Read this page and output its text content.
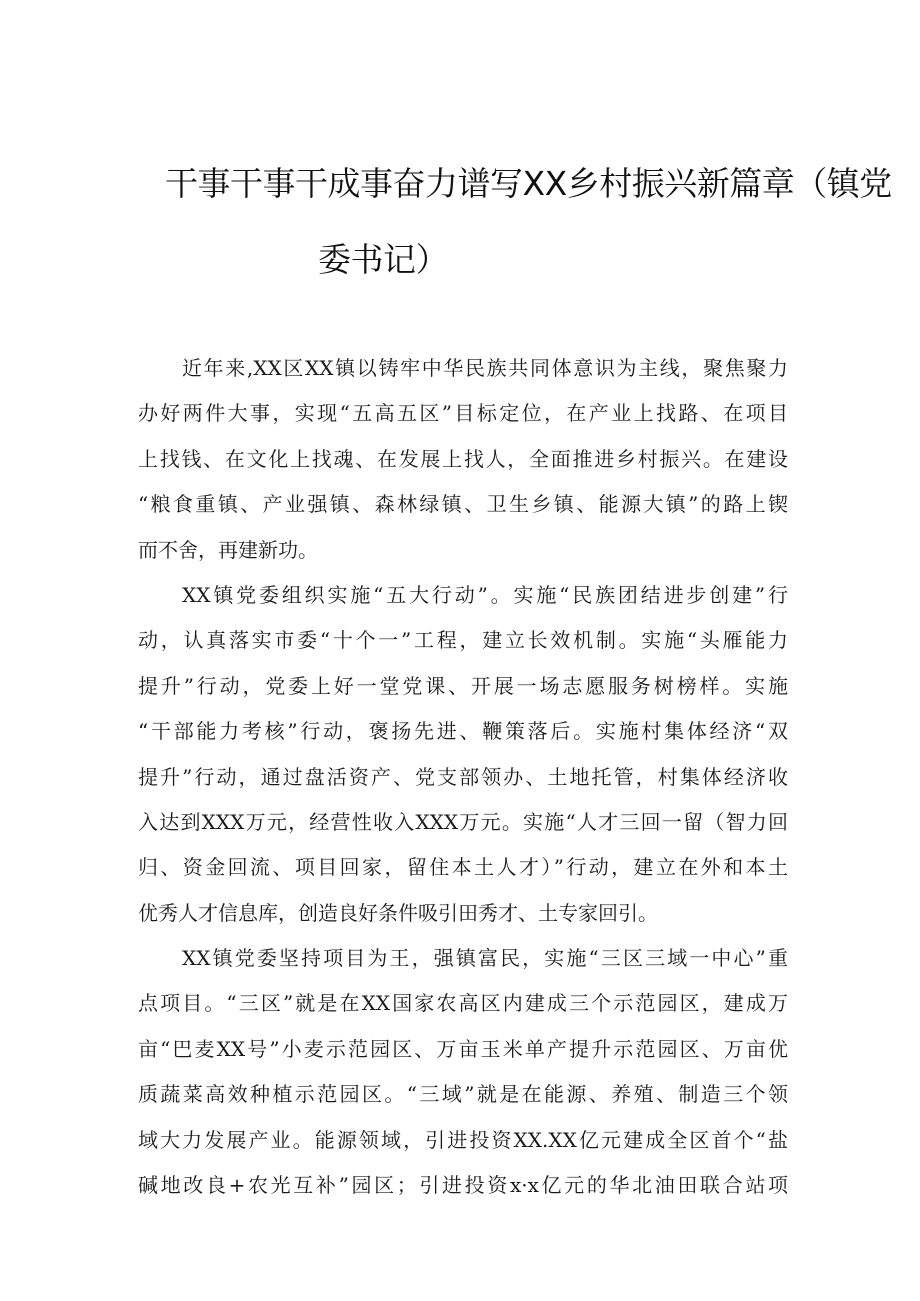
干事干事干成事奋力谱写XX乡村振兴新篇章（镇党
委书记）
近年来,XX区XX镇以铸牢中华民族共同体意识为主线，聚焦聚力
办好两件大事，实现“五高五区”目标定位，在产业上找路、在项目
上找钱、在文化上找魂、在发展上找人，全面推进乡村振兴。在建设
“粮食重镇、产业强镇、森林绿镇、卫生乡镇、能源大镇”的路上锲
而不舍，再建新功。
XX镇党委组织实施“五大行动”。实施“民族团结进步创建”行
动，认真落实市委“十个一”工程，建立长效机制。实施“头雁能力
提升”行动，党委上好一堂党课、开展一场志愿服务树榜样。实施
“干部能力考核”行动，褒扬先进、鞭策落后。实施村集体经济“双
提升”行动，通过盘活资产、党支部领办、土地托管，村集体经济收
入达到XXX万元，经营性收入XXX万元。实施“人才三回一留（智力回
归、资金回流、项目回家，留住本土人才）”行动，建立在外和本土
优秀人才信息库，创造良好条件吸引田秀才、土专家回引。
XX镇党委坚持项目为王，强镇富民，实施“三区三域一中心”重
点项目。“三区”就是在XX国家农高区内建成三个示范园区，建成万
亩“巴麦XX号”小麦示范园区、万亩玉米单产提升示范园区、万亩优
质蔬菜高效种植示范园区。“三域”就是在能源、养殖、制造三个领
域大力发展产业。能源领域，引进投资XX.XX亿元建成全区首个“盐
碱地改良+农光互补”园区；引进投资x·x亿元的华北油田联合站项
